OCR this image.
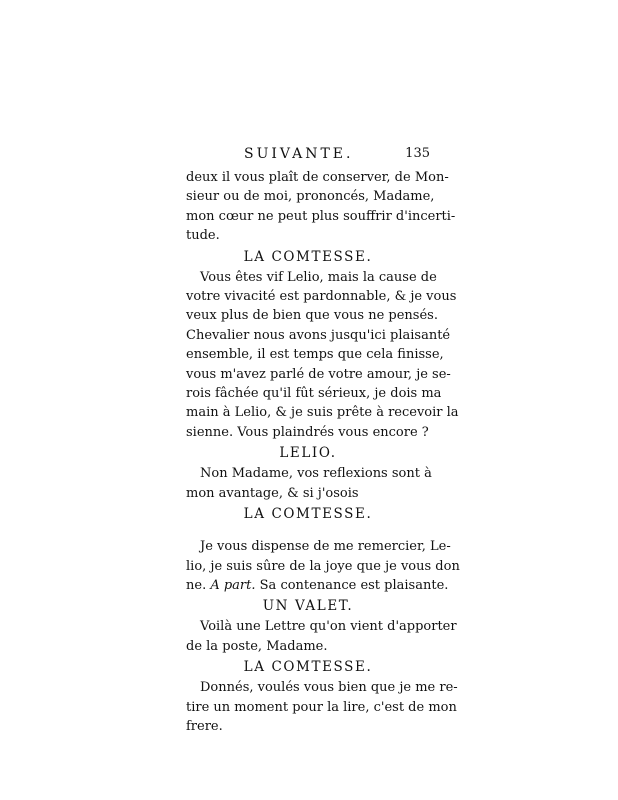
SUIVANTE.	135
deux il vous plaît de conserver, de Mon-
sieur ou de moi, prononcés, Madame,
mon cœur ne peut plus souffrir d'incerti-
tude.
LA COMTESSE.
Vous êtes vif Lelio, mais la cause de
votre vivacité est pardonnable, & je vous
veux plus de bien que vous ne pensés.
Chevalier nous avons jusqu'ici plaisanté
ensemble, il est temps que cela finisse,
vous m'avez parlé de votre amour, je se-
rois fâchée qu'il fût sérieux, je dois ma
main à Lelio, & je suis prête à recevoir la
sienne. Vous plaindrés vous encore ?
LELIO.
Non Madame, vos reflexions sont à
mon avantage, & si j'osois
LA COMTESSE.
Je vous dispense de me remercier, Le-
lio, je suis sûre de la joye que je vous don
ne. A part. Sa contenance est plaisante.
UN VALET.
Voilà une Lettre qu'on vient d'apporter
de la poste, Madame.
LA COMTESSE.
Donnés, voulés vous bien que je me re-
tire un moment pour la lire, c'est de mon
frere.
